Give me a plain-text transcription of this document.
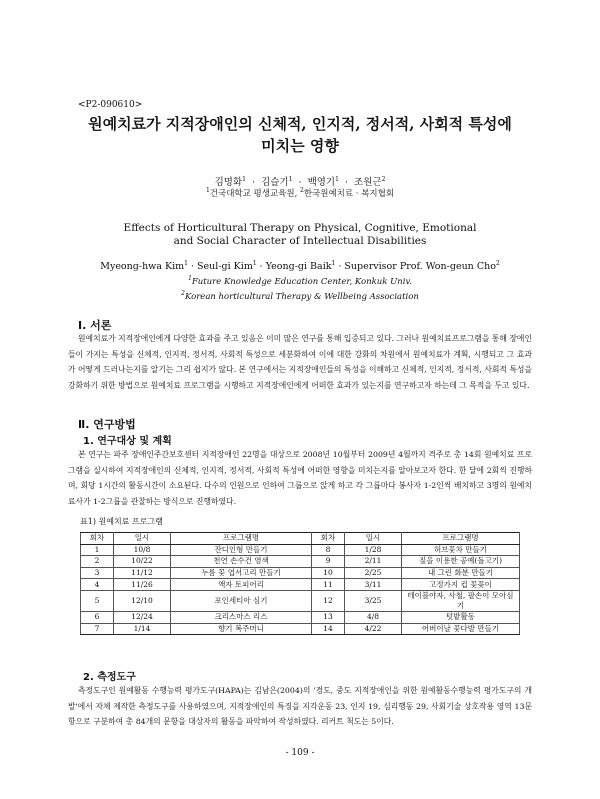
<P2-090610>
원예치료가 지적장애인의 신체적, 인지적, 정서적, 사회적 특성에
미치는 영향
김명화$^1$ · 김슬기$^1$ · 백영기$^1$ · 조원근$^2$
$^1$건국대학교 평생교육원, $^2$한국원예치료 · 복지협회
Effects of Horticultural Therapy on Physical, Cognitive, Emotional
and Social Character of Intellectual Disabilities
Myeong-hwa Kim$^1$ · Seul-gi Kim$^1$ · Yeong-gi Baik$^1$ · Supervisor Prof. Won-geun Cho$^2$
$^1$Future Knowledge Education Center, Konkuk Univ.
$^2$Korean horticultural Therapy & Wellbeing Association
Ⅰ. 서론
원예치료가 지적장애인에게 다양한 효과를 주고 있음은 이미 많은 연구를 통해 입증되고 있다. 그러나 원예치료프로그램을 통해 장애인들이 가지는 특성을 신체적, 인지적, 정서적, 사회적 특성으로 세분화하여 이에 대한 강화의 차원에서 원예치료가 계획, 시행되고 그 효과가 어떻게 드러나는지를 알기는 그리 쉽지가 않다. 본 연구에서는 지적장애인들의 특성을 이해하고 신체적, 인지적, 정서적, 사회적 특성을 강화하기 위한 방법으로 원예치료 프로그램을 시행하고 지적장애인에게 어떠한 효과가 있는지를 연구하고자 하는데 그 목적을 두고 있다.
Ⅱ. 연구방법
1. 연구대상 및 계획
본 연구는 파주 장애인주간보호센터 지적장애인 22명을 대상으로 2008년 10월부터 2009년 4월까지 격주로 총 14회 원예치료 프로그램을 실시하여 지적장애인의 신체적, 인지적, 정서적, 사회적 특성에 어떠한 영향을 미치는지를 알아보고자 한다. 한 달에 2회씩 진행하며, 회당 1시간의 활동시간이 소요된다. 다수의 인원으로 인하여 그룹으로 앉게 하고 각 그룹마다 봉사자 1-2인씩 배치하고 3명의 원예치료사가 1-2그룹을 관찰하는 방식으로 진행하였다.
표1) 원예치료 프로그램
회차	일시	프로그램명	회차	일시	프로그램명
1	10/8	잔디인형 만들기	8	1/28	허브꽃차 만들기
2	10/22	천연 손수건 염색	9	2/11	짚을 이용한 공예(돌고기)
3	11/12	누름 꽃 엽서고리 만들기	10	2/25	내 그린 화분 만들기
4	11/26	액자 토피어리	11	3/11	고정가지 컵 꽃꽂이
5	12/10	포인세티아 심기	12	3/25	테이블야자, 사철, 팔손이 모아심기
6	12/24	크리스마스 리스	13	4/8	텃밭활동
7	1/14	향기 복주머니	14	4/22	어버이날 꽃다발 만들기
2. 측정도구
측정도구인 원예활동 수행능력 평가도구(HAPA)는 김남은(2004)의 '경도, 중도 지적장애인을 위한 원예활동수행능력 평가도구의 개발'에서 자체 제작한 측정도구를 사용하였으며, 지적장애인의 특징을 지각운동 23, 인지 19, 심리행동 29, 사회기술 상호작용 영역 13문항으로 구분하여 총 84개의 문항을 대상자의 활동을 파악하여 작성하였다. 리커트 척도는 5이다.
- 109 -
